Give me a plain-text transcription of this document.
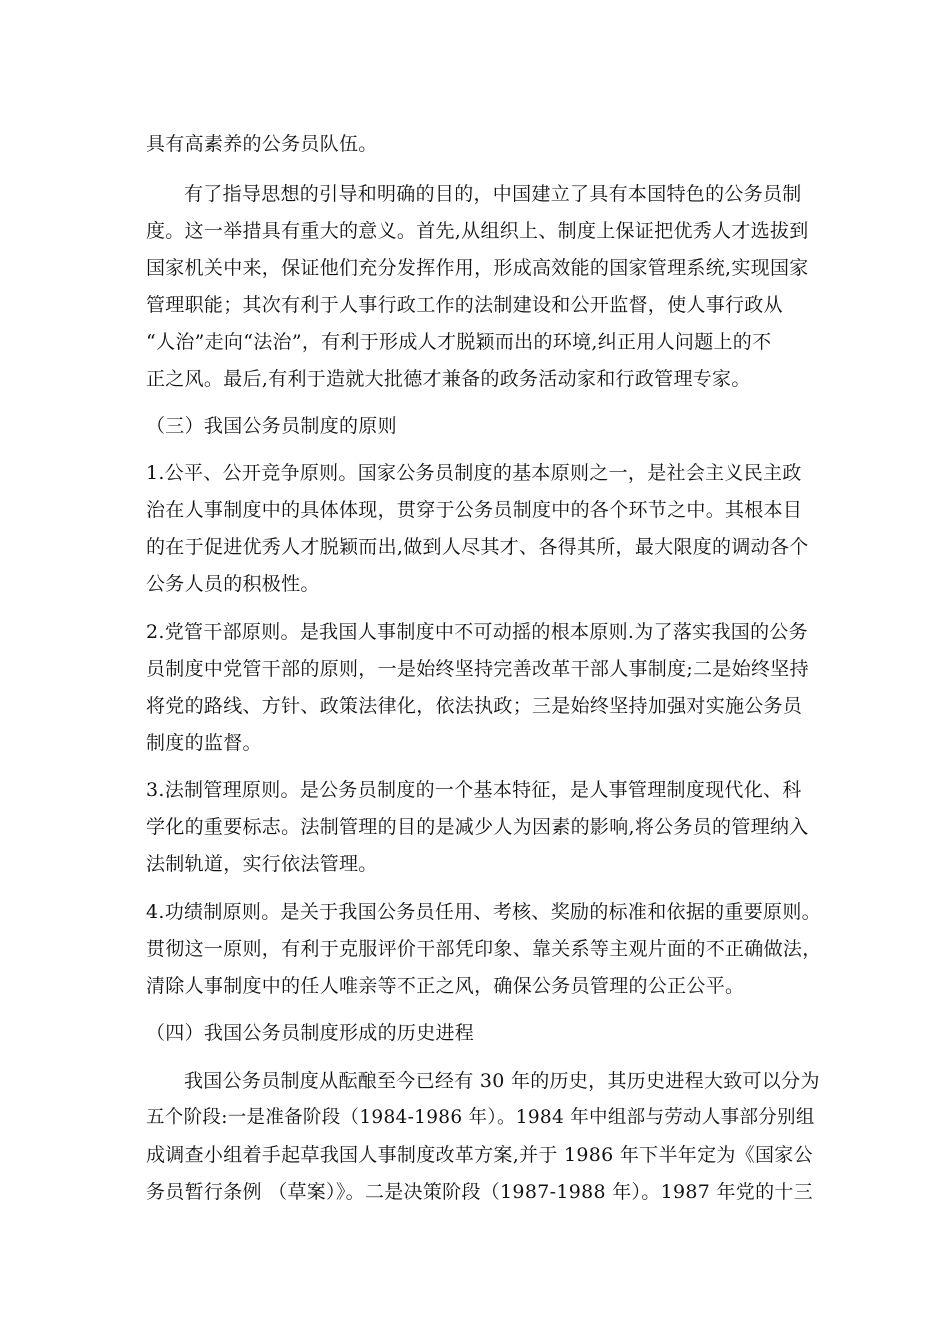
具有高素养的公务员队伍。
有了指导思想的引导和明确的目的，中国建立了具有本国特色的公务员制
度。这一举措具有重大的意义。首先,从组织上、制度上保证把优秀人才选拔到
国家机关中来，保证他们充分发挥作用，形成高效能的国家管理系统,实现国家
管理职能；其次有利于人事行政工作的法制建设和公开监督，使人事行政从
“人治”走向“法治”，有利于形成人才脱颖而出的环境,纠正用人问题上的不
正之风。最后,有利于造就大批德才兼备的政务活动家和行政管理专家。
（三）我国公务员制度的原则
1.公平、公开竞争原则。国家公务员制度的基本原则之一，是社会主义民主政
治在人事制度中的具体体现，贯穿于公务员制度中的各个环节之中。其根本目
的在于促进优秀人才脱颖而出,做到人尽其才、各得其所，最大限度的调动各个
公务人员的积极性。
2.党管干部原则。是我国人事制度中不可动摇的根本原则.为了落实我国的公务
员制度中党管干部的原则，一是始终坚持完善改革干部人事制度;二是始终坚持
将党的路线、方针、政策法律化，依法执政；三是始终坚持加强对实施公务员
制度的监督。
3.法制管理原则。是公务员制度的一个基本特征，是人事管理制度现代化、科
学化的重要标志。法制管理的目的是减少人为因素的影响,将公务员的管理纳入
法制轨道，实行依法管理。
4.功绩制原则。是关于我国公务员任用、考核、奖励的标准和依据的重要原则。
贯彻这一原则，有利于克服评价干部凭印象、靠关系等主观片面的不正确做法，
清除人事制度中的任人唯亲等不正之风，确保公务员管理的公正公平。
（四）我国公务员制度形成的历史进程
我国公务员制度从酝酿至今已经有 30 年的历史，其历史进程大致可以分为
五个阶段:一是准备阶段（1984-1986 年）。1984 年中组部与劳动人事部分别组
成调查小组着手起草我国人事制度改革方案,并于 1986 年下半年定为《国家公
务员暂行条例 （草案）》。二是决策阶段（1987-1988 年）。1987 年党的十三
